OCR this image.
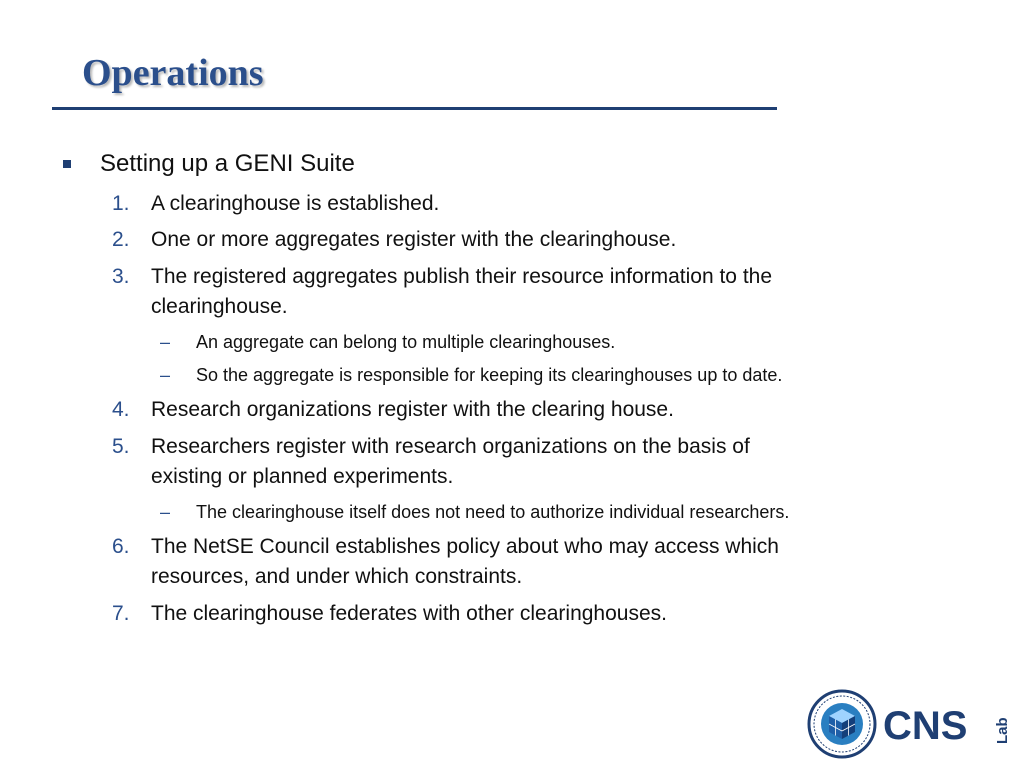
Operations
Setting up a GENI Suite
1. A clearinghouse is established.
2. One or more aggregates register with the clearinghouse.
3. The registered aggregates publish their resource information to the
clearinghouse.
– An aggregate can belong to multiple clearinghouses.
– So the aggregate is responsible for keeping its clearinghouses up to date.
4. Research organizations register with the clearing house.
5. Researchers register with research organizations on the basis of
existing or planned experiments.
– The clearinghouse itself does not need to authorize individual researchers.
6. The NetSE Council establishes policy about who may access which
resources, and under which constraints.
7. The clearinghouse federates with other clearinghouses.
CNS Lab
